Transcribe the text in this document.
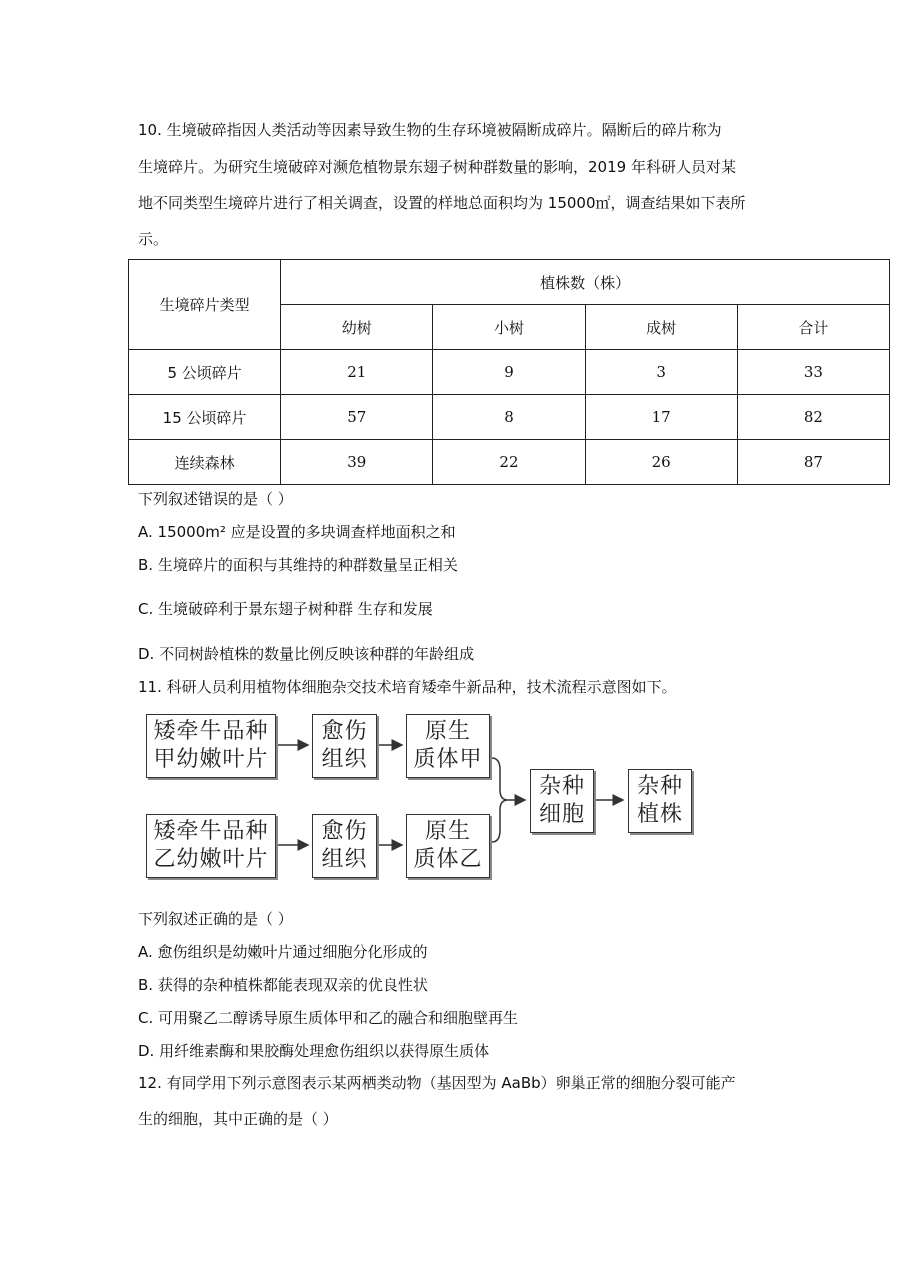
10. 生境破碎指因人类活动等因素导致生物的生存环境被隔断成碎片。隔断后的碎片称为
生境碎片。为研究生境破碎对濒危植物景东翅子树种群数量的影响，2019 年科研人员对某
地不同类型生境碎片进行了相关调查，设置的样地总面积均为 15000㎡，调查结果如下表所
示。
生境碎片类型	植株数（株）			
	幼树	小树	成树	合计
5 公顷碎片	21	9	3	33
15 公顷碎片	57	8	17	82
连续森林	39	22	26	87
下列叙述错误的是（ ）
A. 15000m² 应是设置的多块调查样地面积之和
B. 生境碎片的面积与其维持的种群数量呈正相关
C. 生境破碎利于景东翅子树种群 生存和发展
D. 不同树龄植株的数量比例反映该种群的年龄组成
11. 科研人员利用植物体细胞杂交技术培育矮牵牛新品种，技术流程示意图如下。
矮牵牛品种
甲幼嫩叶片
愈伤
组织
原生
质体甲
矮牵牛品种
乙幼嫩叶片
愈伤
组织
原生
质体乙
杂种
细胞
杂种
植株
下列叙述正确的是（ ）
A. 愈伤组织是幼嫩叶片通过细胞分化形成的
B. 获得的杂种植株都能表现双亲的优良性状
C. 可用聚乙二醇诱导原生质体甲和乙的融合和细胞壁再生
D. 用纤维素酶和果胶酶处理愈伤组织以获得原生质体
12. 有同学用下列示意图表示某两栖类动物（基因型为 AaBb）卵巢正常的细胞分裂可能产
生的细胞，其中正确的是（ ）
